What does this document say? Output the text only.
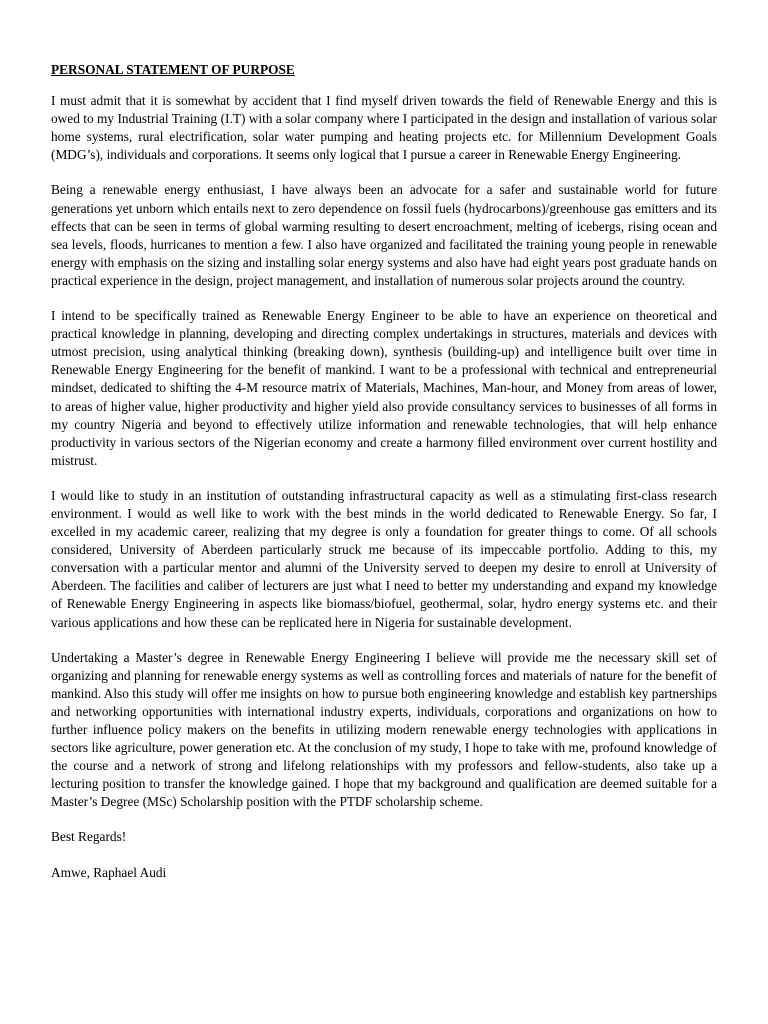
PERSONAL STATEMENT OF PURPOSE

I must admit that it is somewhat by accident that I find myself driven towards the field of Renewable Energy and this is owed to my Industrial Training (I.T) with a solar company where I participated in the design and installation of various solar home systems, rural electrification, solar water pumping and heating projects etc. for Millennium Development Goals (MDG’s), individuals and corporations. It seems only logical that I pursue a career in Renewable Energy Engineering.

Being a renewable energy enthusiast, I have always been an advocate for a safer and sustainable world for future generations yet unborn which entails next to zero dependence on fossil fuels (hydrocarbons)/greenhouse gas emitters and its effects that can be seen in terms of global warming resulting to desert encroachment, melting of icebergs, rising ocean and sea levels, floods, hurricanes to mention a few. I also have organized and facilitated the training young people in renewable energy with emphasis on the sizing and installing solar energy systems and also have had eight years post graduate hands on practical experience in the design, project management, and installation of numerous solar projects around the country.

I intend to be specifically trained as Renewable Energy Engineer to be able to have an experience on theoretical and practical knowledge in planning, developing and directing complex undertakings in structures, materials and devices with utmost precision, using analytical thinking (breaking down), synthesis (building-up) and intelligence built over time in Renewable Energy Engineering for the benefit of mankind. I want to be a professional with technical and entrepreneurial mindset, dedicated to shifting the 4-M resource matrix of Materials, Machines, Man-hour, and Money from areas of lower, to areas of higher value, higher productivity and higher yield also provide consultancy services to businesses of all forms in my country Nigeria and beyond to effectively utilize information and renewable technologies, that will help enhance productivity in various sectors of the Nigerian economy and create a harmony filled environment over current hostility and mistrust.

I would like to study in an institution of outstanding infrastructural capacity as well as a stimulating first-class research environment. I would as well like to work with the best minds in the world dedicated to Renewable Energy. So far, I excelled in my academic career, realizing that my degree is only a foundation for greater things to come. Of all schools considered, University of Aberdeen particularly struck me because of its impeccable portfolio. Adding to this, my conversation with a particular mentor and alumni of the University served to deepen my desire to enroll at University of Aberdeen. The facilities and caliber of lecturers are just what I need to better my understanding and expand my knowledge of Renewable Energy Engineering in aspects like biomass/biofuel, geothermal, solar, hydro energy systems etc. and their various applications and how these can be replicated here in Nigeria for sustainable development.

Undertaking a Master’s degree in Renewable Energy Engineering I believe will provide me the necessary skill set of organizing and planning for renewable energy systems as well as controlling forces and materials of nature for the benefit of mankind. Also this study will offer me insights on how to pursue both engineering knowledge and establish key partnerships and networking opportunities with international industry experts, individuals, corporations and organizations on how to further influence policy makers on the benefits in utilizing modern renewable energy technologies with applications in sectors like agriculture, power generation etc. At the conclusion of my study, I hope to take with me, profound knowledge of the course and a network of strong and lifelong relationships with my professors and fellow-students, also take up a lecturing position to transfer the knowledge gained. I hope that my background and qualification are deemed suitable for a Master’s Degree (MSc) Scholarship position with the PTDF scholarship scheme.

Best Regards!

Amwe, Raphael Audi
